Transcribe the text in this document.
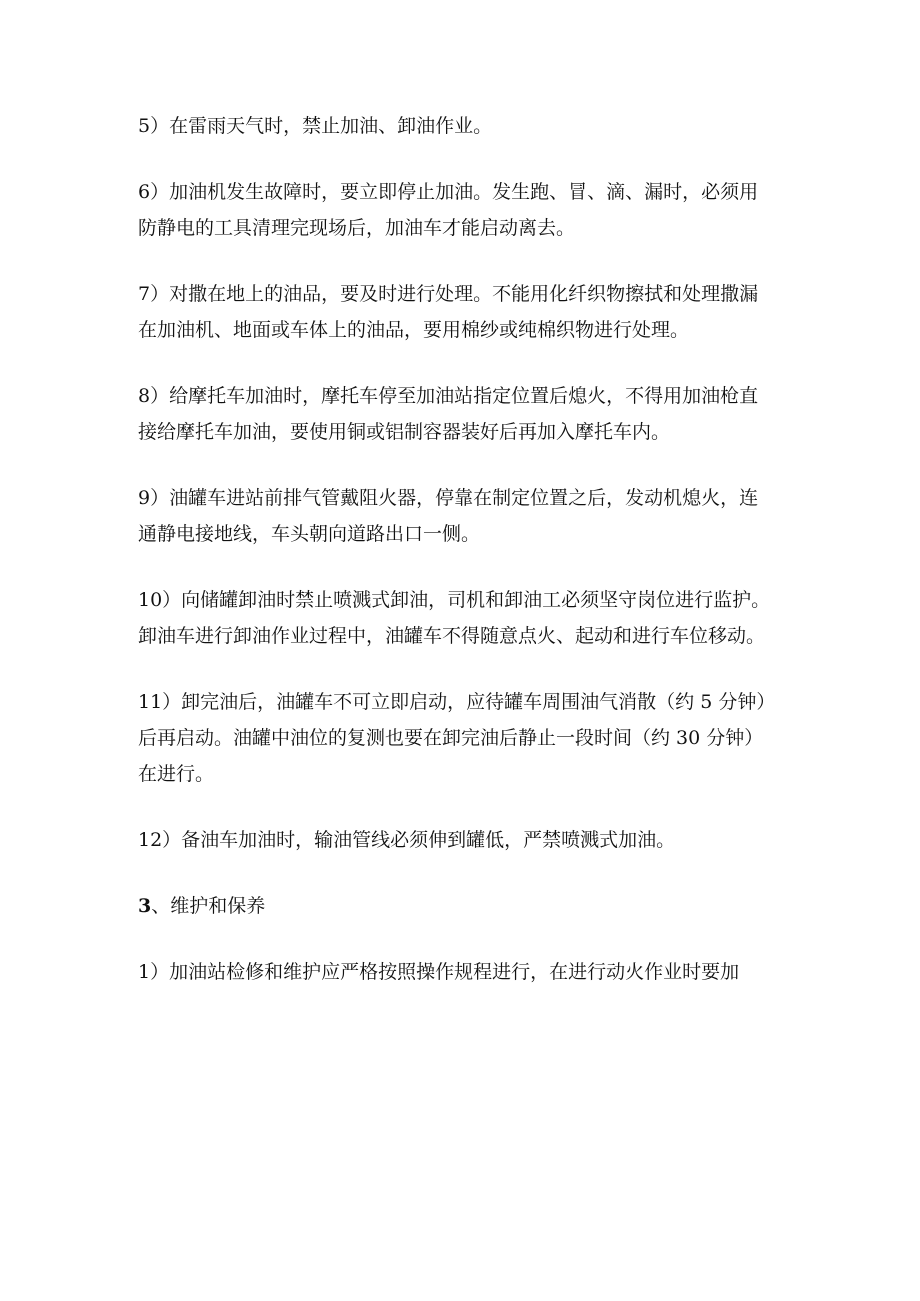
5）在雷雨天气时，禁止加油、卸油作业。

6）加油机发生故障时，要立即停止加油。发生跑、冒、滴、漏时，必须用
防静电的工具清理完现场后，加油车才能启动离去。

7）对撒在地上的油品，要及时进行处理。不能用化纤织物擦拭和处理撒漏
在加油机、地面或车体上的油品，要用棉纱或纯棉织物进行处理。

8）给摩托车加油时，摩托车停至加油站指定位置后熄火，不得用加油枪直
接给摩托车加油，要使用铜或铝制容器装好后再加入摩托车内。

9）油罐车进站前排气管戴阻火器，停靠在制定位置之后，发动机熄火，连
通静电接地线，车头朝向道路出口一侧。

10）向储罐卸油时禁止喷溅式卸油，司机和卸油工必须坚守岗位进行监护。
卸油车进行卸油作业过程中，油罐车不得随意点火、起动和进行车位移动。

11）卸完油后，油罐车不可立即启动，应待罐车周围油气消散（约 5 分钟）
后再启动。油罐中油位的复测也要在卸完油后静止一段时间（约 30 分钟）
在进行。

12）备油车加油时，输油管线必须伸到罐低，严禁喷溅式加油。

3、维护和保养

1）加油站检修和维护应严格按照操作规程进行，在进行动火作业时要加
